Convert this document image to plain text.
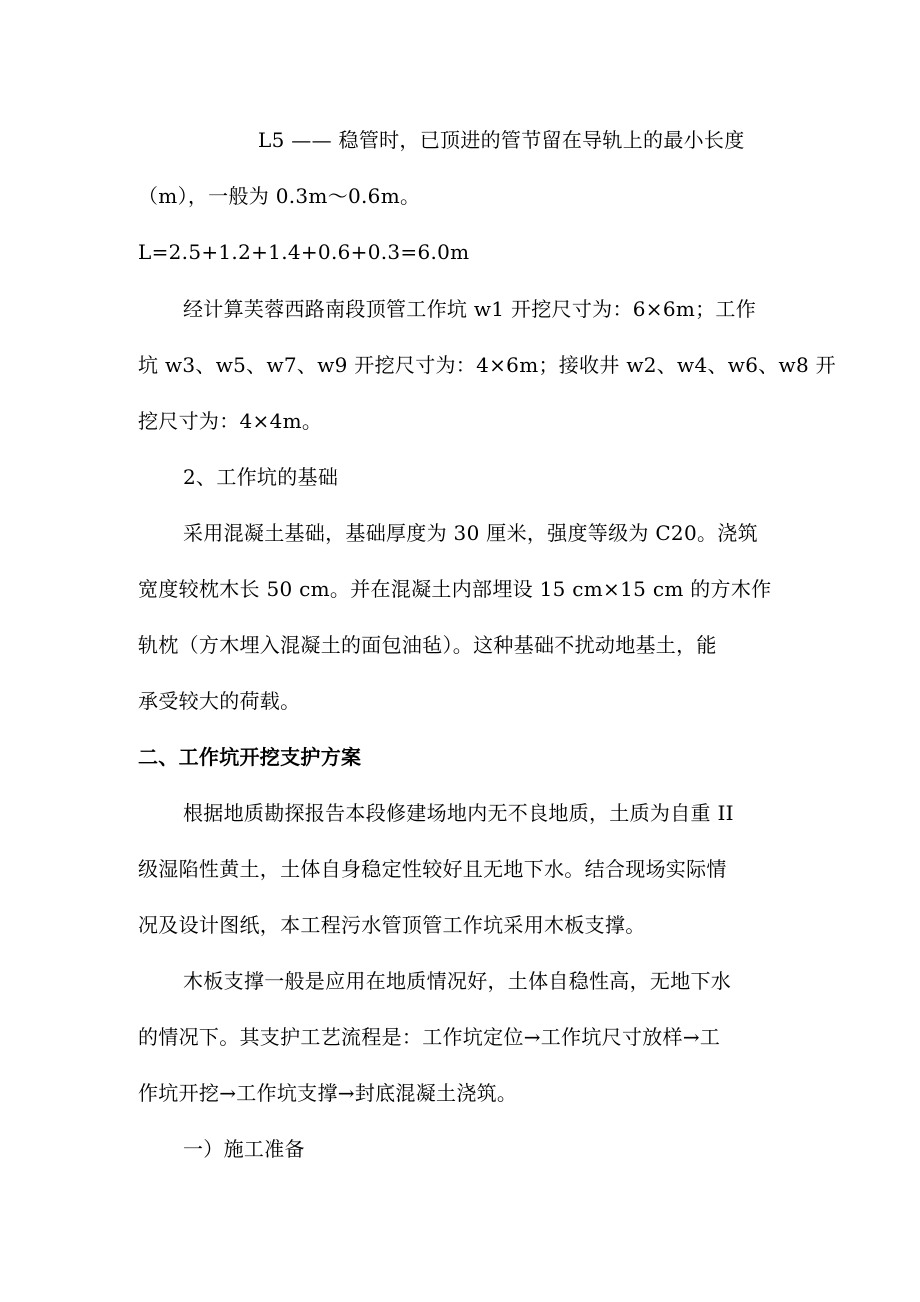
L5 —— 稳管时，已顶进的管节留在导轨上的最小长度
（m），一般为 0.3m～0.6m。
L=2.5+1.2+1.4+0.6+0.3=6.0m
经计算芙蓉西路南段顶管工作坑 w1 开挖尺寸为：6×6m；工作
坑 w3、w5、w7、w9 开挖尺寸为：4×6m；接收井 w2、w4、w6、w8 开
挖尺寸为：4×4m。
2、工作坑的基础
采用混凝土基础，基础厚度为 30 厘米，强度等级为 C20。浇筑
宽度较枕木长 50 cm。并在混凝土内部埋设 15 cm×15 cm 的方木作
轨枕（方木埋入混凝土的面包油毡）。这种基础不扰动地基土，能
承受较大的荷载。
二、工作坑开挖支护方案
根据地质勘探报告本段修建场地内无不良地质，土质为自重 II
级湿陷性黄土，土体自身稳定性较好且无地下水。结合现场实际情
况及设计图纸，本工程污水管顶管工作坑采用木板支撑。
木板支撑一般是应用在地质情况好，土体自稳性高，无地下水
的情况下。其支护工艺流程是：工作坑定位→工作坑尺寸放样→工
作坑开挖→工作坑支撑→封底混凝土浇筑。
一）施工准备
